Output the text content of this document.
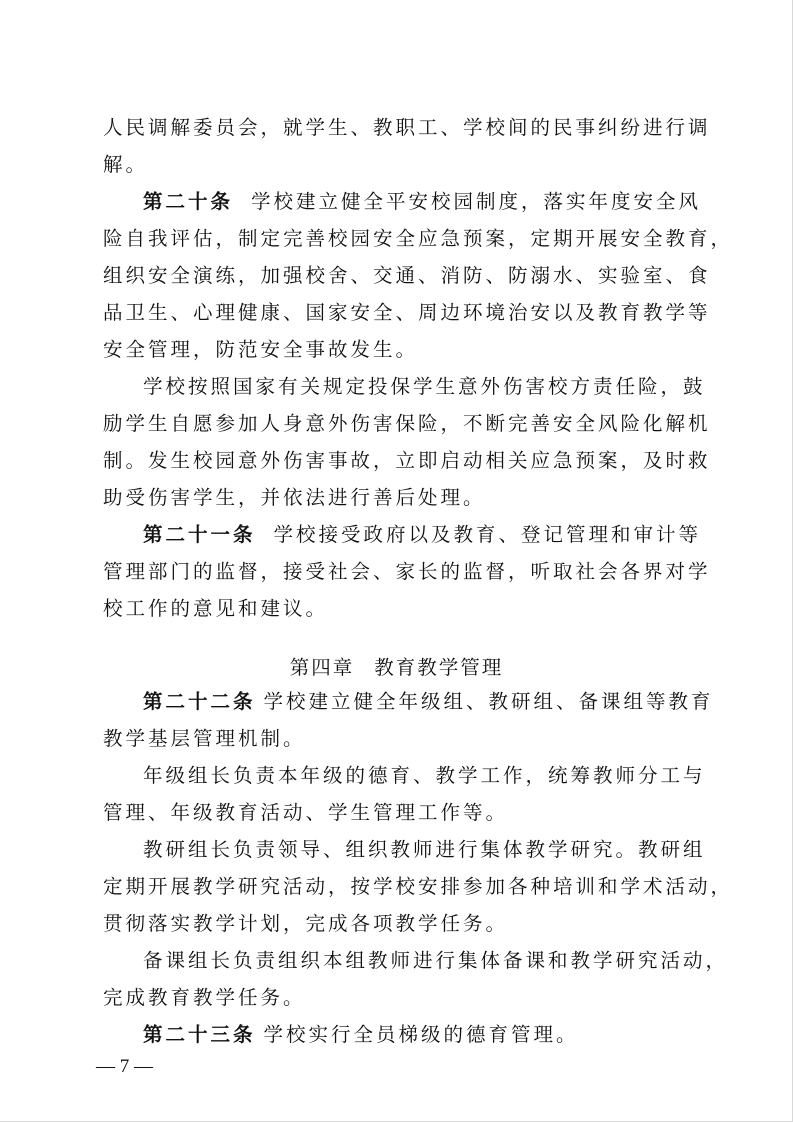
人民调解委员会，就学生、教职工、学校间的民事纠纷进行调
解。
第二十条 学校建立健全平安校园制度，落实年度安全风
险自我评估，制定完善校园安全应急预案，定期开展安全教育，
组织安全演练，加强校舍、交通、消防、防溺水、实验室、食
品卫生、心理健康、国家安全、周边环境治安以及教育教学等
安全管理，防范安全事故发生。
学校按照国家有关规定投保学生意外伤害校方责任险，鼓
励学生自愿参加人身意外伤害保险，不断完善安全风险化解机
制。发生校园意外伤害事故，立即启动相关应急预案，及时救
助受伤害学生，并依法进行善后处理。
第二十一条 学校接受政府以及教育、登记管理和审计等
管理部门的监督，接受社会、家长的监督，听取社会各界对学
校工作的意见和建议。
第四章 教育教学管理
第二十二条 学校建立健全年级组、教研组、备课组等教育
教学基层管理机制。
年级组长负责本年级的德育、教学工作，统筹教师分工与
管理、年级教育活动、学生管理工作等。
教研组长负责领导、组织教师进行集体教学研究。教研组
定期开展教学研究活动，按学校安排参加各种培训和学术活动，
贯彻落实教学计划，完成各项教学任务。
备课组长负责组织本组教师进行集体备课和教学研究活动，
完成教育教学任务。
第二十三条 学校实行全员梯级的德育管理。
— 7 —
